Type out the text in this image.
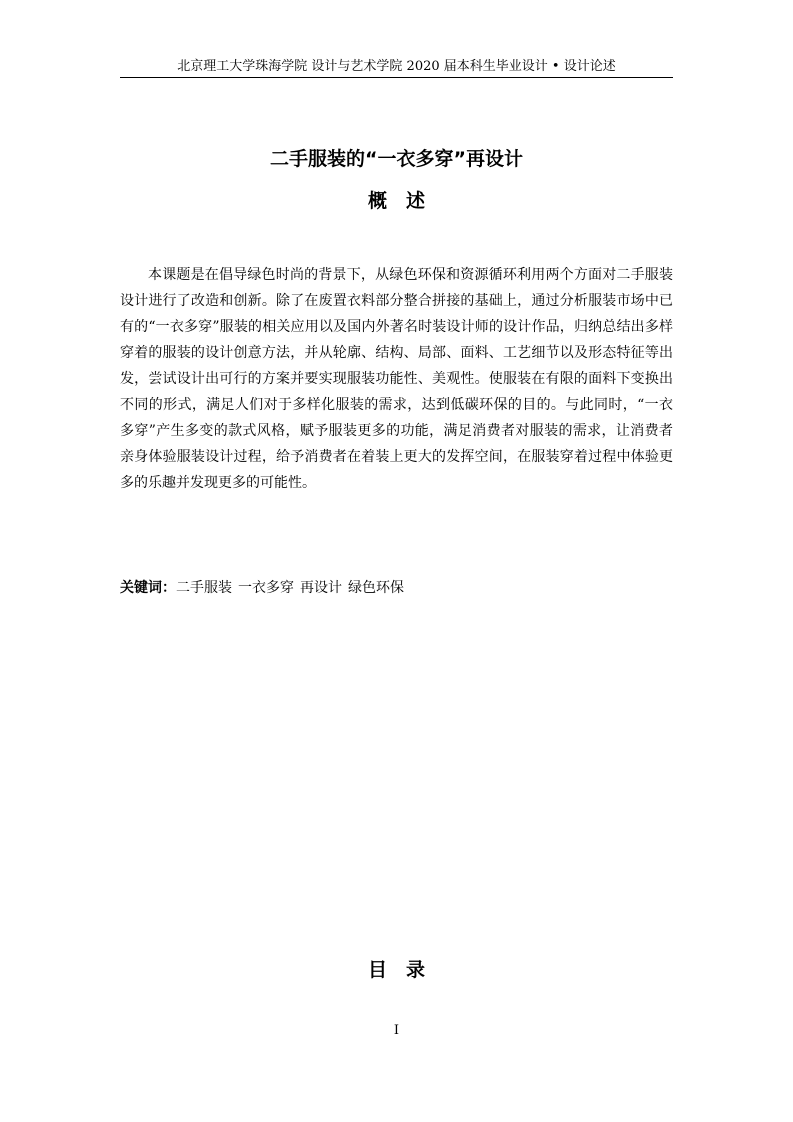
北京理工大学珠海学院 设计与艺术学院 2020 届本科生毕业设计 • 设计论述
二手服装的“一衣多穿”再设计
概　述

本课题是在倡导绿色时尚的背景下，从绿色环保和资源循环利用两个方面对二手服装设计进行了改造和创新。除了在废置衣料部分整合拼接的基础上，通过分析服装市场中已有的“一衣多穿”服装的相关应用以及国内外著名时装设计师的设计作品，归纳总结出多样穿着的服装的设计创意方法，并从轮廓、结构、局部、面料、工艺细节以及形态特征等出发，尝试设计出可行的方案并要实现服装功能性、美观性。使服装在有限的面料下变换出不同的形式，满足人们对于多样化服装的需求，达到低碳环保的目的。与此同时，“一衣多穿”产生多变的款式风格，赋予服装更多的功能，满足消费者对服装的需求，让消费者亲身体验服装设计过程，给予消费者在着装上更大的发挥空间，在服装穿着过程中体验更多的乐趣并发现更多的可能性。

关键词：二手服装 一衣多穿 再设计 绿色环保
目　录
I
